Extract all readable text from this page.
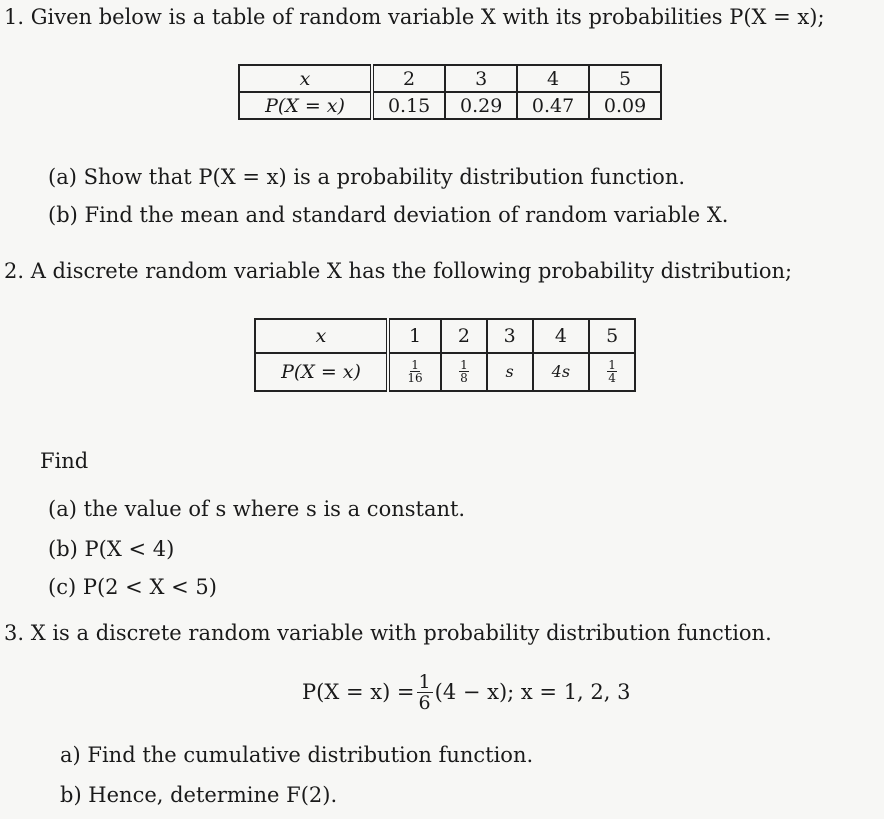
1. Given below is a table of random variable X with its probabilities P(X = x);
x	2	3	4	5
P(X = x)	0.15	0.29	0.47	0.09
(a) Show that P(X = x) is a probability distribution function.
(b) Find the mean and standard deviation of random variable X.
2. A discrete random variable X has the following probability distribution;
x	1	2	3	4	5
P(X = x)	$\frac{1}{16}$	$\frac{1}{8}$	s	4s	$\frac{1}{4}$
Find
(a) the value of s where s is a constant.
(b) P(X < 4)
(c) P(2 < X < 5)
3. X is a discrete random variable with probability distribution function.
$P(X = x) = \frac{1}{6} (4 - x)$; x = 1, 2, 3
a) Find the cumulative distribution function.
b) Hence, determine F(2).
